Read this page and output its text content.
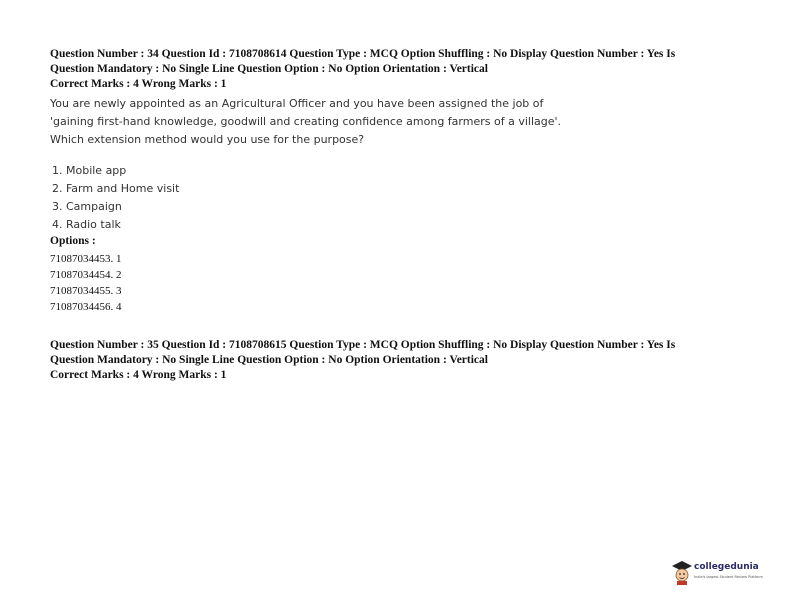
Question Number : 34 Question Id : 7108708614 Question Type : MCQ Option Shuffling : No Display Question Number : Yes Is
Question Mandatory : No Single Line Question Option : No Option Orientation : Vertical
Correct Marks : 4 Wrong Marks : 1
You are newly appointed as an Agricultural Officer and you have been assigned the job of
'gaining first-hand knowledge, goodwill and creating confidence among farmers of a village'.
Which extension method would you use for the purpose?
1. Mobile app
2. Farm and Home visit
3. Campaign
4. Radio talk
Options :
71087034453. 1
71087034454. 2
71087034455. 3
71087034456. 4
Question Number : 35 Question Id : 7108708615 Question Type : MCQ Option Shuffling : No Display Question Number : Yes Is
Question Mandatory : No Single Line Question Option : No Option Orientation : Vertical
Correct Marks : 4 Wrong Marks : 1
collegedunia
India's largest Student Review Platform
